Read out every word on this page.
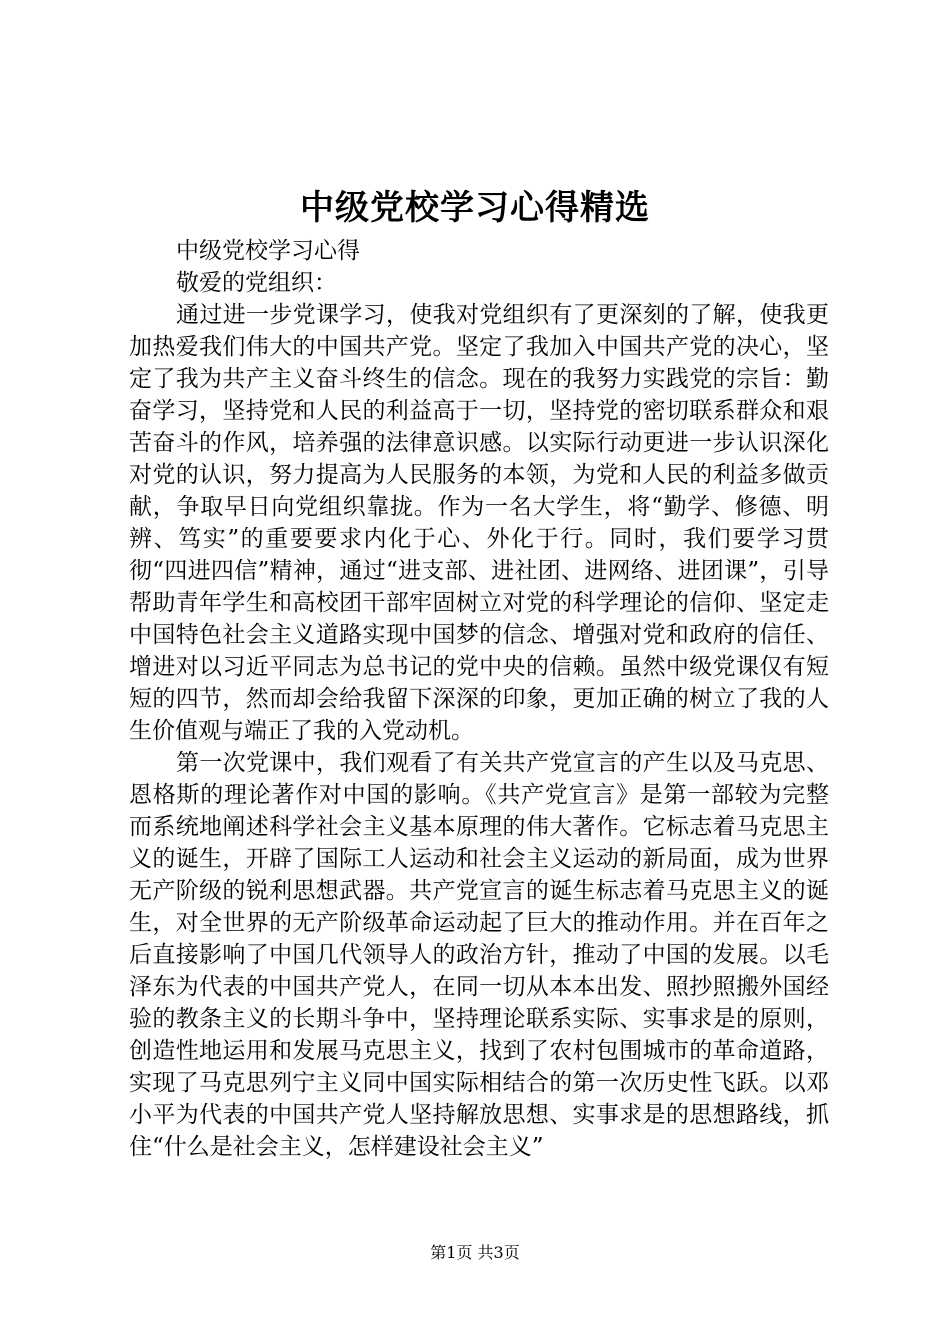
中级党校学习心得精选

中级党校学习心得

敬爱的党组织：

通过进一步党课学习，使我对党组织有了更深刻的了解，使我更加热爱我们伟大的中国共产党。坚定了我加入中国共产党的决心，坚定了我为共产主义奋斗终生的信念。现在的我努力实践党的宗旨：勤奋学习，坚持党和人民的利益高于一切，坚持党的密切联系群众和艰苦奋斗的作风，培养强的法律意识感。以实际行动更进一步认识深化对党的认识，努力提高为人民服务的本领，为党和人民的利益多做贡献，争取早日向党组织靠拢。作为一名大学生，将“勤学、修德、明辨、笃实”的重要要求内化于心、外化于行。同时，我们要学习贯彻“四进四信”精神，通过“进支部、进社团、进网络、进团课”，引导帮助青年学生和高校团干部牢固树立对党的科学理论的信仰、坚定走中国特色社会主义道路实现中国梦的信念、增强对党和政府的信任、增进对以习近平同志为总书记的党中央的信赖。虽然中级党课仅有短短的四节，然而却会给我留下深深的印象，更加正确的树立了我的人生价值观与端正了我的入党动机。

第一次党课中，我们观看了有关共产党宣言的产生以及马克思、恩格斯的理论著作对中国的影响。《共产党宣言》是第一部较为完整而系统地阐述科学社会主义基本原理的伟大著作。它标志着马克思主义的诞生，开辟了国际工人运动和社会主义运动的新局面，成为世界无产阶级的锐利思想武器。共产党宣言的诞生标志着马克思主义的诞生，对全世界的无产阶级革命运动起了巨大的推动作用。并在百年之后直接影响了中国几代领导人的政治方针，推动了中国的发展。以毛泽东为代表的中国共产党人，在同一切从本本出发、照抄照搬外国经验的教条主义的长期斗争中，坚持理论联系实际、实事求是的原则，创造性地运用和发展马克思主义，找到了农村包围城市的革命道路，实现了马克思列宁主义同中国实际相结合的第一次历史性飞跃。以邓小平为代表的中国共产党人坚持解放思想、实事求是的思想路线，抓住“什么是社会主义，怎样建设社会主义”

第1页 共3页
